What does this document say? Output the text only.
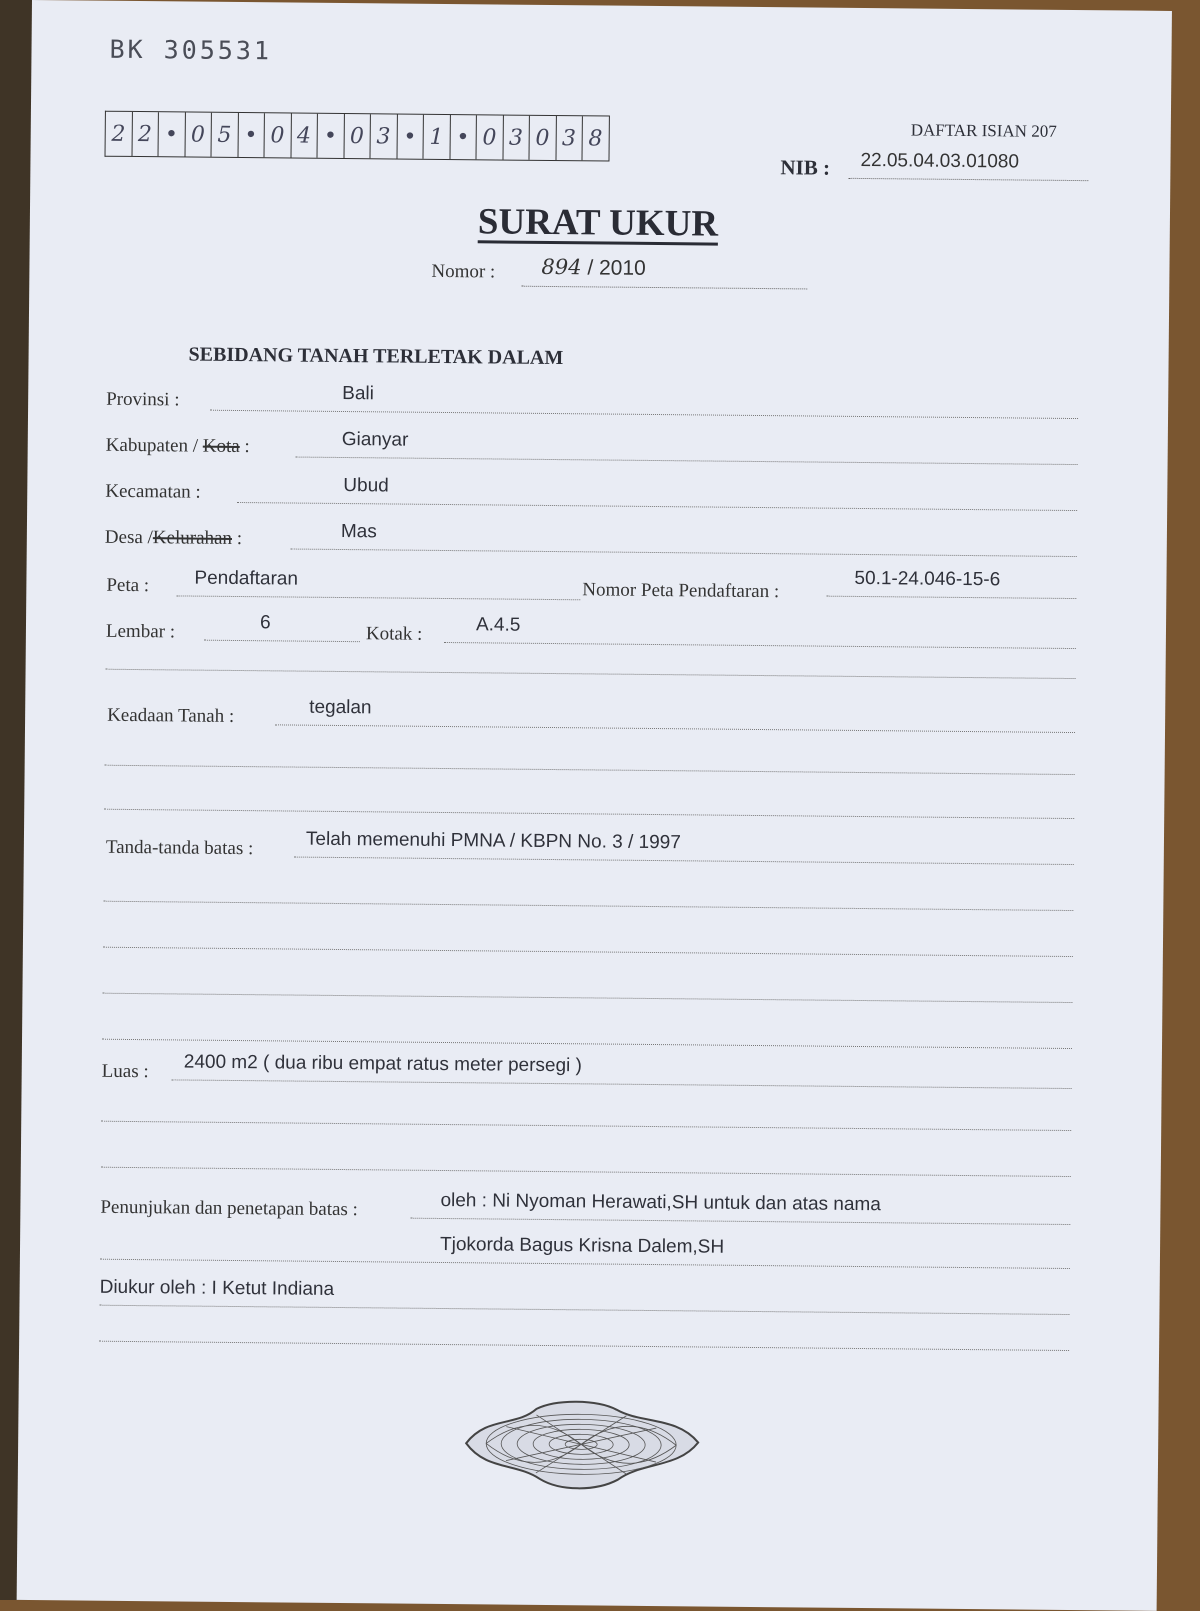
BK 305531
2 2 • 0 5 • 0 4 • 0 3 • 1 • 0 3 0 3 8	DAFTAR ISIAN 207
NIB :	22.05.04.03.01080
SURAT UKUR
Nomor :	894 / 2010
SEBIDANG TANAH TERLETAK DALAM
Provinsi :	Bali
Kabupaten / Kota :	Gianyar
Kecamatan :	Ubud
Desa /Kelurahan :	Mas
Peta : Pendaftaran
Nomor Peta Pendaftaran :
50.1-24.046-15-6
Lembar :	6
Kotak :	A.4.5
Keadaan Tanah :	tegalan
Tanda-tanda batas :	Telah memenuhi PMNA / KBPN No. 3 / 1997
Luas : 2400 m2 ( dua ribu empat ratus meter persegi )
Penunjukan dan penetapan batas :	oleh : Ni Nyoman Herawati,SH untuk dan atas nama
Tjokorda Bagus Krisna Dalem,SH
Diukur oleh : I Ketut Indiana
